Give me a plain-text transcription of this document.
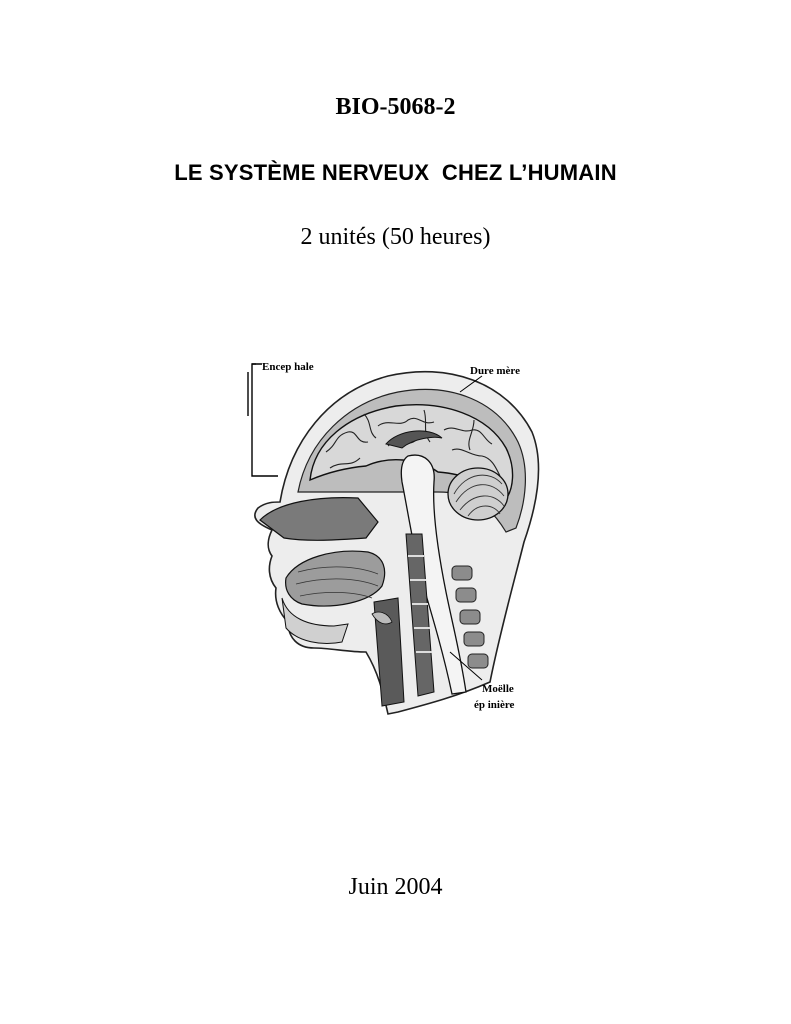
BIO-5068-2
LE SYSTÈME NERVEUX  CHEZ L’HUMAIN
2 unités (50 heures)
Encep hale	Dure mère
Moëlle
ép inière
Juin 2004
